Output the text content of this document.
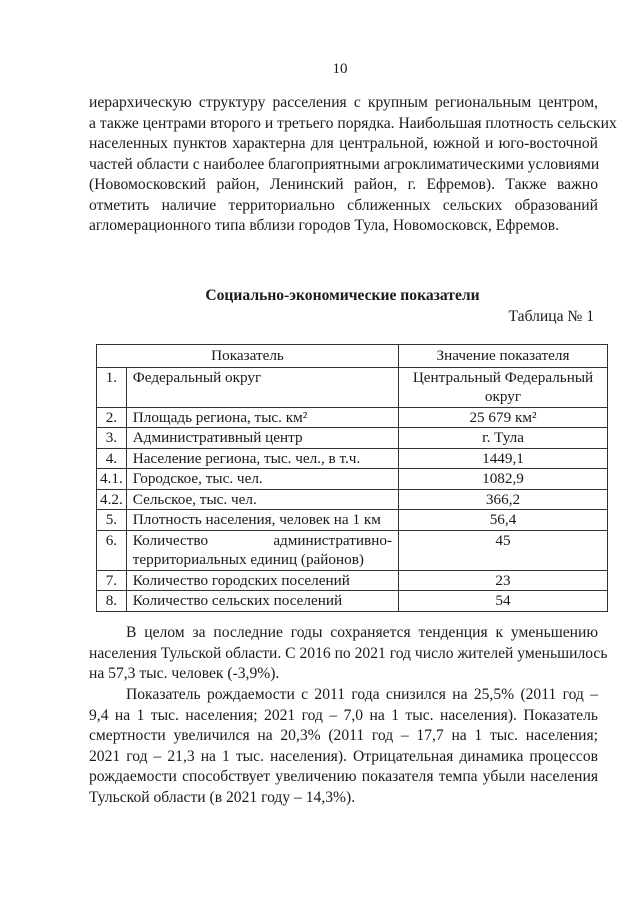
10
иерархическую структуру расселения с крупным региональным центром,
а также центрами второго и третьего порядка. Наибольшая плотность сельских
населенных пунктов характерна для центральной, южной и юго-восточной
частей области с наиболее благоприятными агроклиматическими условиями
(Новомосковский район, Ленинский район, г. Ефремов). Также важно
отметить наличие территориально сближенных сельских образований
агломерационного типа вблизи городов Тула, Новомосковск, Ефремов.
Социально-экономические показатели
Таблица № 1
Показатель		Значение показателя
1.	Федеральный округ	Центральный Федеральный
округ

2.	Площадь региона, тыс. км²	25 679 км²

3.	Административный центр	г. Тула

4.	Население региона, тыс. чел., в т.ч.	1449,1

4.1.	Городское, тыс. чел.	1082,9

4.2.	Сельское, тыс. чел.	366,2

5.	Плотность населения, человек на 1 км	56,4

6.	Количество административно-
территориальных единиц (районов)	45

7.	Количество городских поселений	23

8.	Количество сельских поселений	54
В целом за последние годы сохраняется тенденция к уменьшению
населения Тульской области. С 2016 по 2021 год число жителей уменьшилось
на 57,3 тыс. человек (-3,9%).
Показатель рождаемости с 2011 года снизился на 25,5% (2011 год –
9,4 на 1 тыс. населения; 2021 год – 7,0 на 1 тыс. населения). Показатель
смертности увеличился на 20,3% (2011 год – 17,7 на 1 тыс. населения;
2021 год – 21,3 на 1 тыс. населения). Отрицательная динамика процессов
рождаемости способствует увеличению показателя темпа убыли населения
Тульской области (в 2021 году – 14,3%).
